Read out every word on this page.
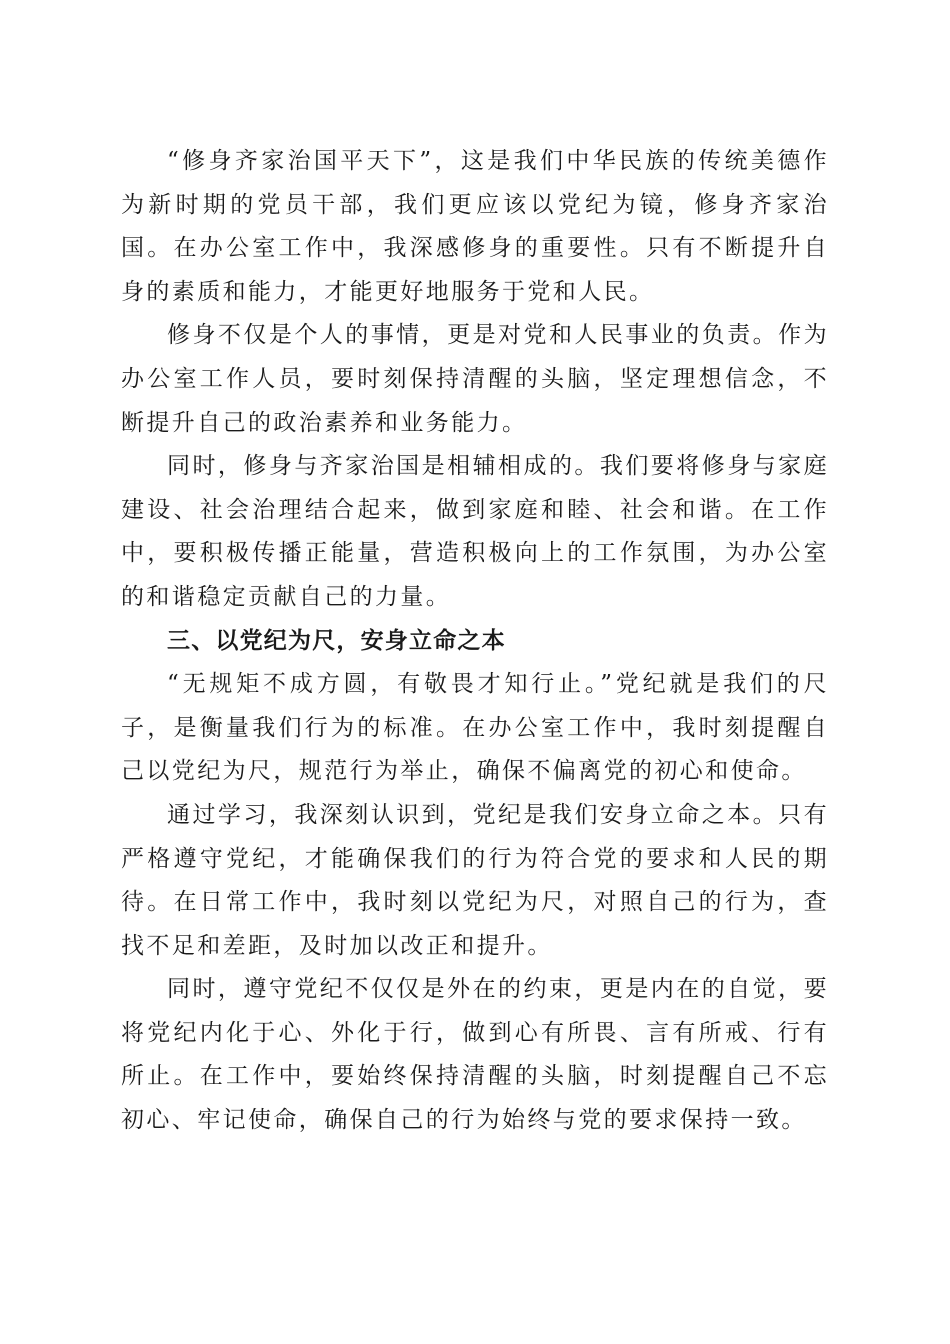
“修身齐家治国平天下”，这是我们中华民族的传统美德作为新时期的党员干部，我们更应该以党纪为镜，修身齐家治国。在办公室工作中，我深感修身的重要性。只有不断提升自身的素质和能力，才能更好地服务于党和人民。

修身不仅是个人的事情，更是对党和人民事业的负责。作为办公室工作人员，要时刻保持清醒的头脑，坚定理想信念，不断提升自己的政治素养和业务能力。

同时，修身与齐家治国是相辅相成的。我们要将修身与家庭建设、社会治理结合起来，做到家庭和睦、社会和谐。在工作中，要积极传播正能量，营造积极向上的工作氛围，为办公室的和谐稳定贡献自己的力量。

三、以党纪为尺，安身立命之本

“无规矩不成方圆，有敬畏才知行止。”党纪就是我们的尺子，是衡量我们行为的标准。在办公室工作中，我时刻提醒自己以党纪为尺，规范行为举止，确保不偏离党的初心和使命。

通过学习，我深刻认识到，党纪是我们安身立命之本。只有严格遵守党纪，才能确保我们的行为符合党的要求和人民的期待。在日常工作中，我时刻以党纪为尺，对照自己的行为，查找不足和差距，及时加以改正和提升。

同时，遵守党纪不仅仅是外在的约束，更是内在的自觉，要将党纪内化于心、外化于行，做到心有所畏、言有所戒、行有所止。在工作中，要始终保持清醒的头脑，时刻提醒自己不忘初心、牢记使命，确保自己的行为始终与党的要求保持一致。
